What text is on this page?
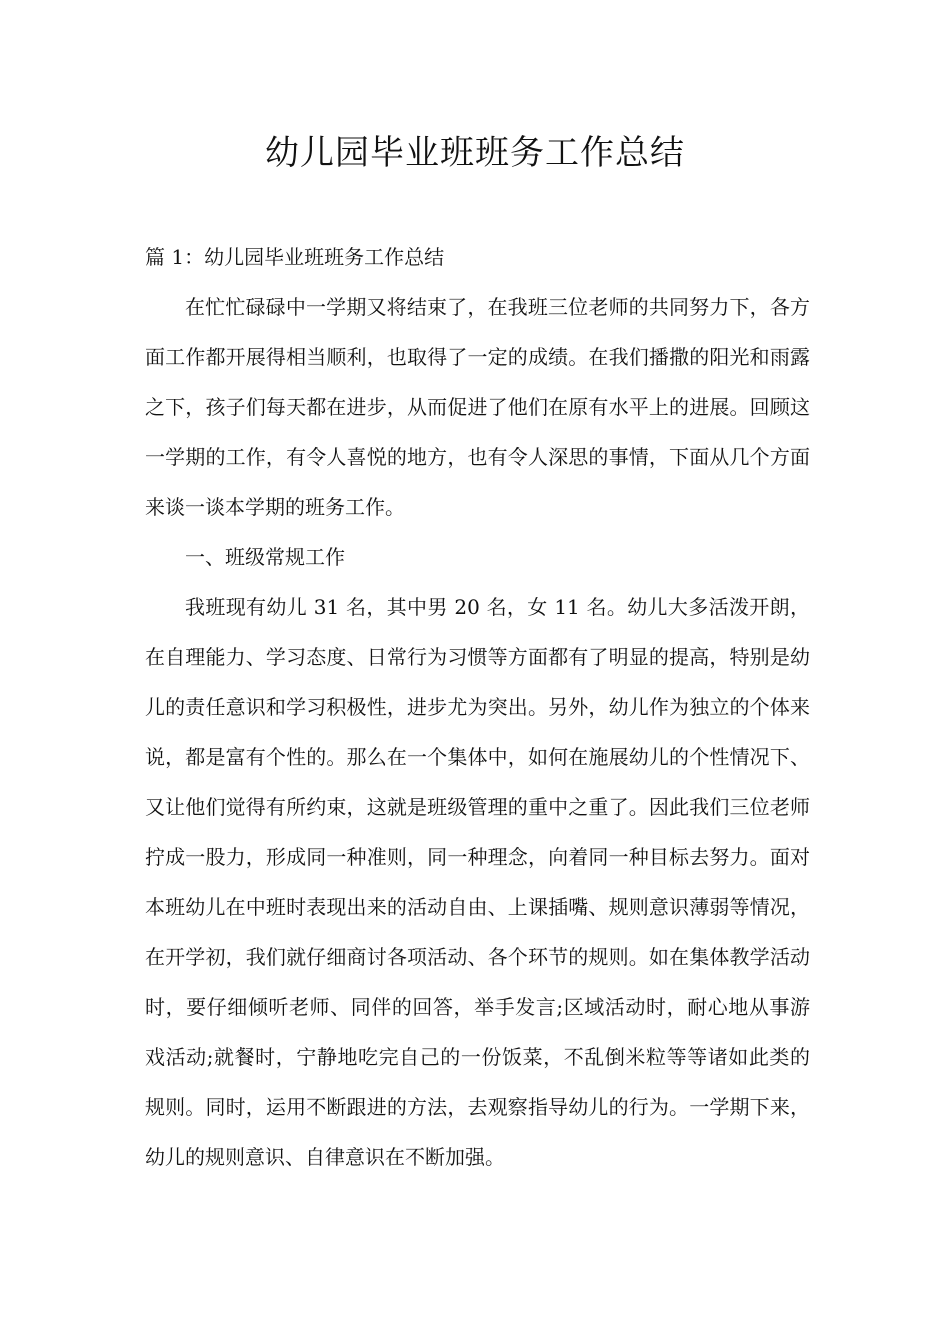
幼儿园毕业班班务工作总结

篇 1：幼儿园毕业班班务工作总结

在忙忙碌碌中一学期又将结束了，在我班三位老师的共同努力下，各方面工作都开展得相当顺利，也取得了一定的成绩。在我们播撒的阳光和雨露之下，孩子们每天都在进步，从而促进了他们在原有水平上的进展。回顾这一学期的工作，有令人喜悦的地方，也有令人深思的事情，下面从几个方面来谈一谈本学期的班务工作。

一、班级常规工作

我班现有幼儿 31 名，其中男 20 名，女 11 名。幼儿大多活泼开朗，在自理能力、学习态度、日常行为习惯等方面都有了明显的提高，特别是幼儿的责任意识和学习积极性，进步尤为突出。另外，幼儿作为独立的个体来说，都是富有个性的。那么在一个集体中，如何在施展幼儿的个性情况下、又让他们觉得有所约束，这就是班级管理的重中之重了。因此我们三位老师拧成一股力，形成同一种准则，同一种理念，向着同一种目标去努力。面对本班幼儿在中班时表现出来的活动自由、上课插嘴、规则意识薄弱等情况，在开学初，我们就仔细商讨各项活动、各个环节的规则。如在集体教学活动时，要仔细倾听老师、同伴的回答，举手发言;区域活动时，耐心地从事游戏活动;就餐时，宁静地吃完自己的一份饭菜，不乱倒米粒等等诸如此类的规则。同时，运用不断跟进的方法，去观察指导幼儿的行为。一学期下来，幼儿的规则意识、自律意识在不断加强。
